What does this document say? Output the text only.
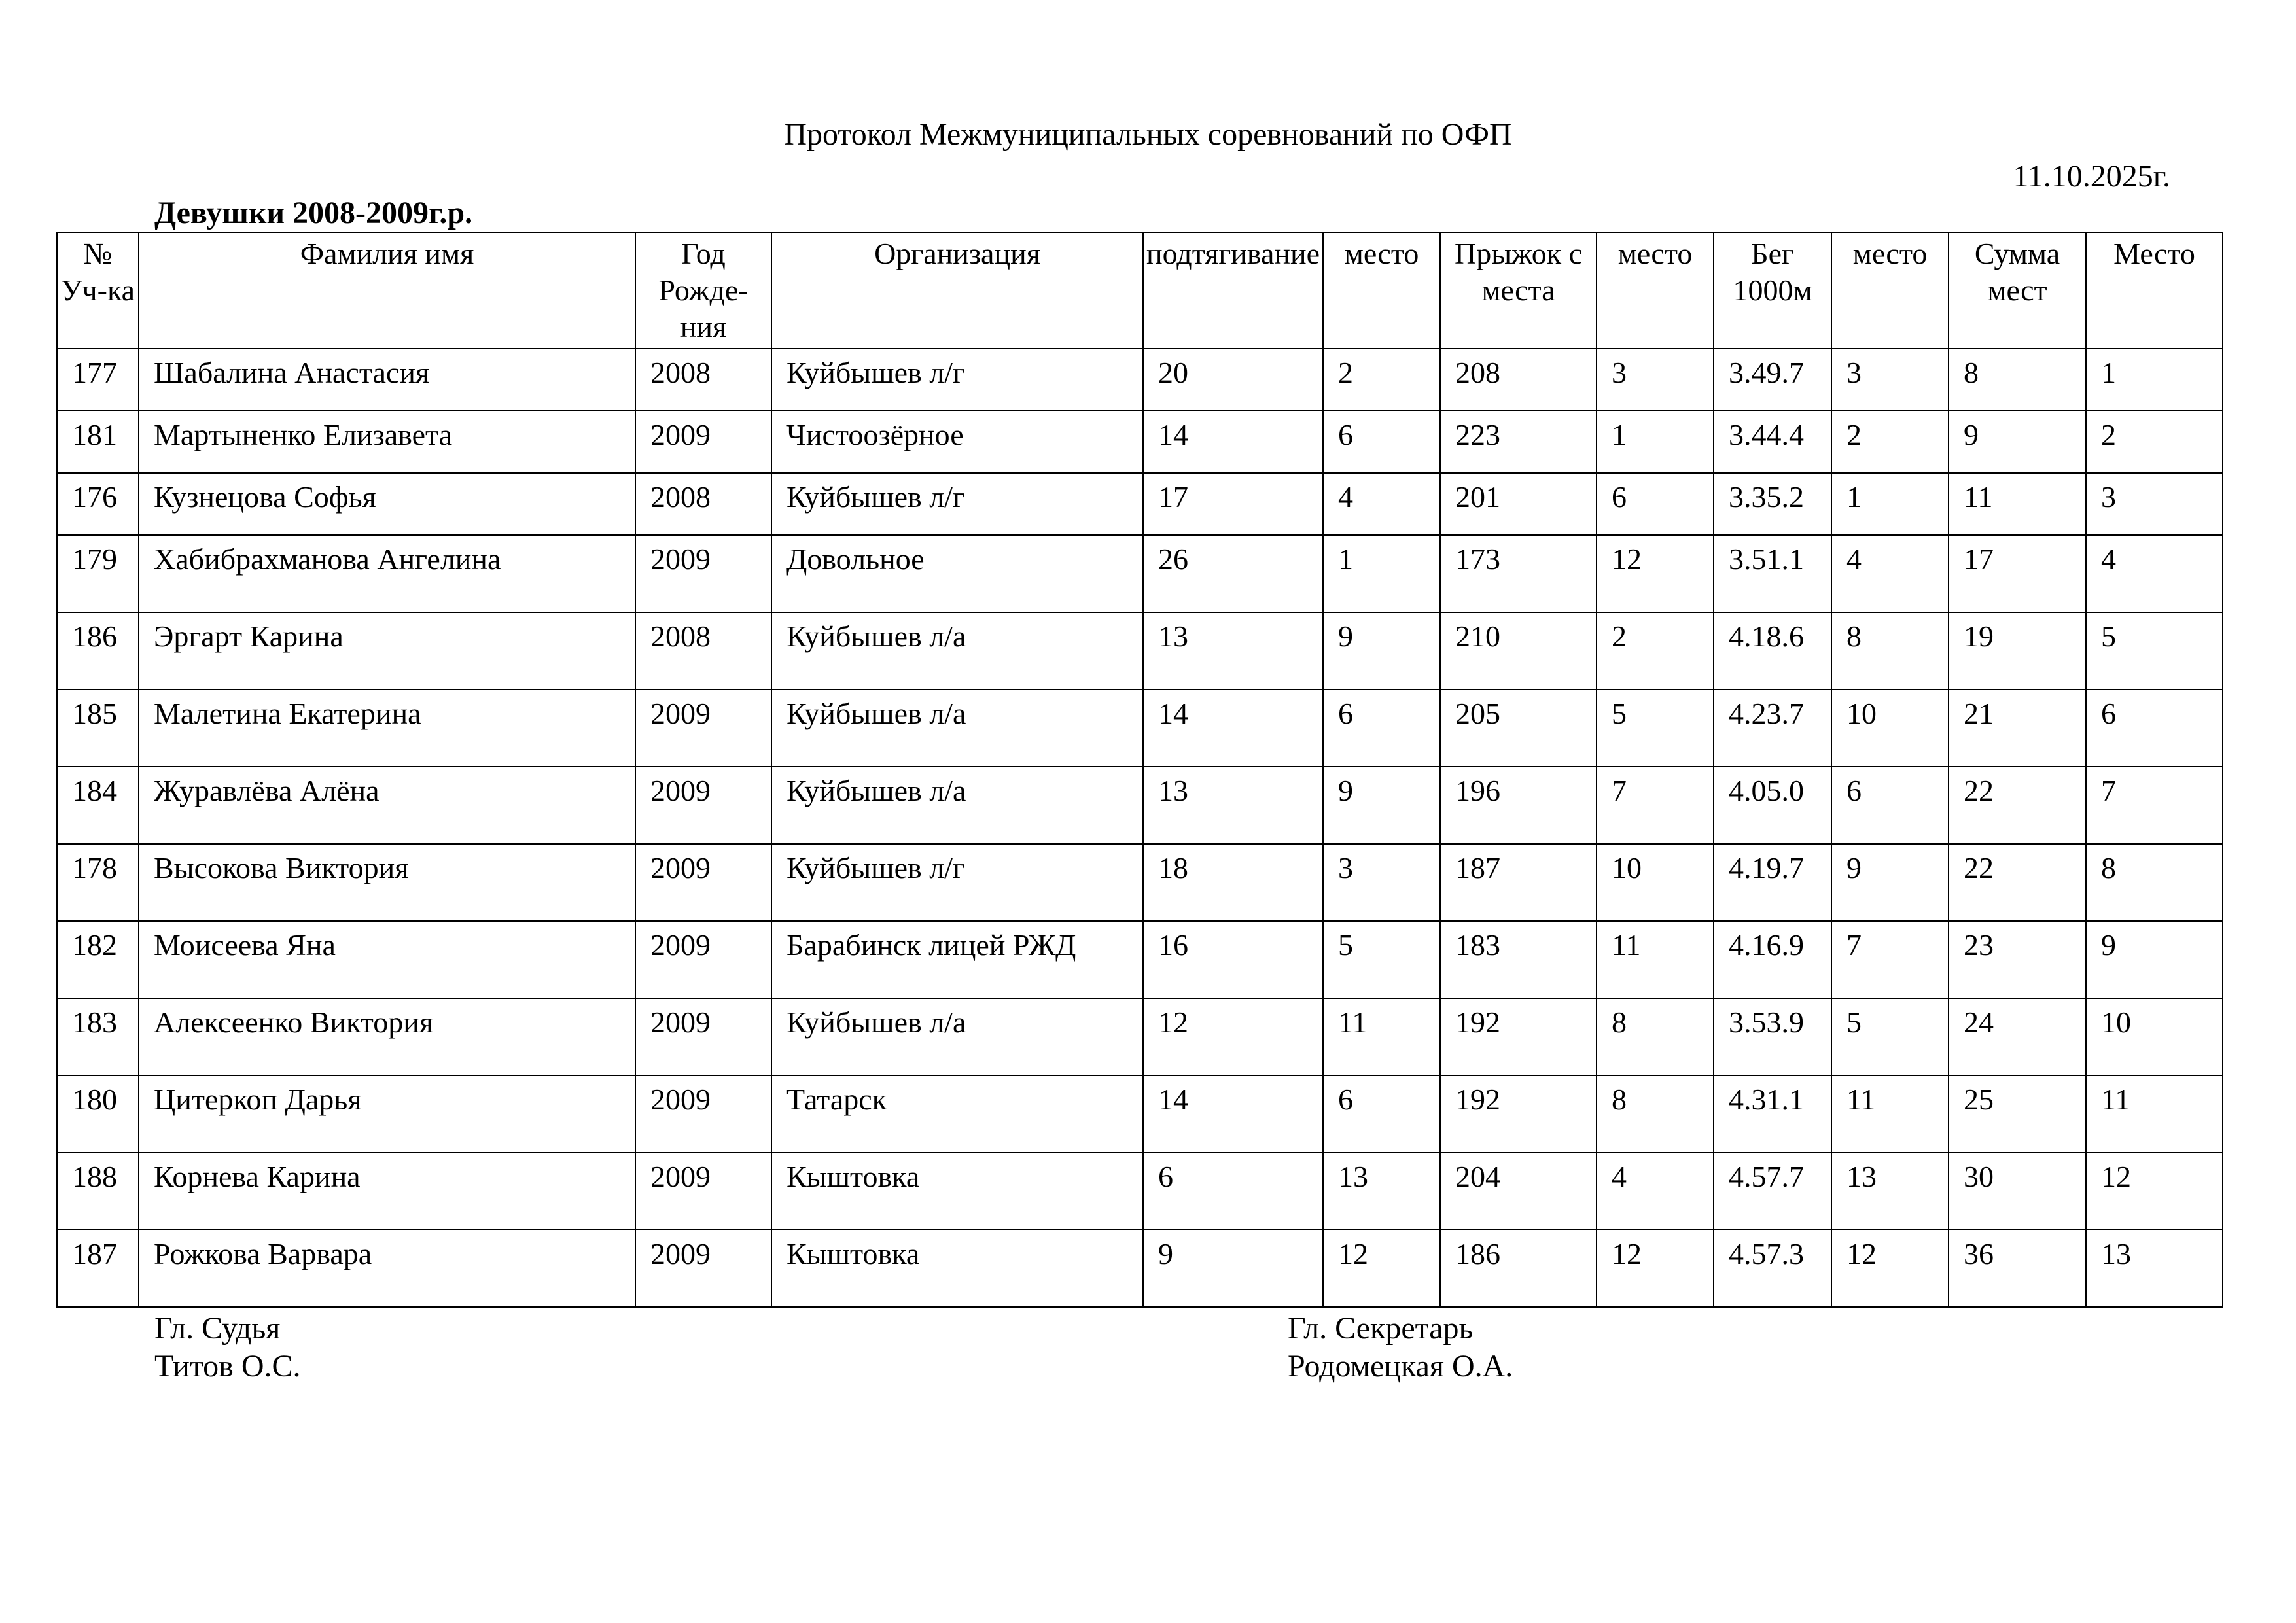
Протокол Межмуниципальных соревнований по ОФП
11.10.2025г.
Девушки 2008-2009г.р.
№ Уч-ка	Фамилия имя	Год Рожде-ния	Организация	подтягивание	место	Прыжок с места	место	Бег 1000м	место	Сумма мест	Место
177	Шабалина Анастасия	2008	Куйбышев л/г	20	2	208	3	3.49.7	3	8	1
181	Мартыненко Елизавета	2009	Чистоозёрное	14	6	223	1	3.44.4	2	9	2
176	Кузнецова Софья	2008	Куйбышев л/г	17	4	201	6	3.35.2	1	11	3
179	Хабибрахманова Ангелина	2009	Довольное	26	1	173	12	3.51.1	4	17	4
186	Эргарт Карина	2008	Куйбышев л/а	13	9	210	2	4.18.6	8	19	5
185	Малетина Екатерина	2009	Куйбышев л/а	14	6	205	5	4.23.7	10	21	6
184	Журавлёва Алёна	2009	Куйбышев л/а	13	9	196	7	4.05.0	6	22	7
178	Высокова Виктория	2009	Куйбышев л/г	18	3	187	10	4.19.7	9	22	8
182	Моисеева Яна	2009	Барабинск лицей РЖД	16	5	183	11	4.16.9	7	23	9
183	Алексеенко Виктория	2009	Куйбышев л/а	12	11	192	8	3.53.9	5	24	10
180	Цитеркоп Дарья	2009	Татарск	14	6	192	8	4.31.1	11	25	11
188	Корнева Карина	2009	Кыштовка	6	13	204	4	4.57.7	13	30	12
187	Рожкова Варвара	2009	Кыштовка	9	12	186	12	4.57.3	12	36	13
Гл. Судья
Титов О.С.
Гл. Секретарь
Родомецкая О.А.
